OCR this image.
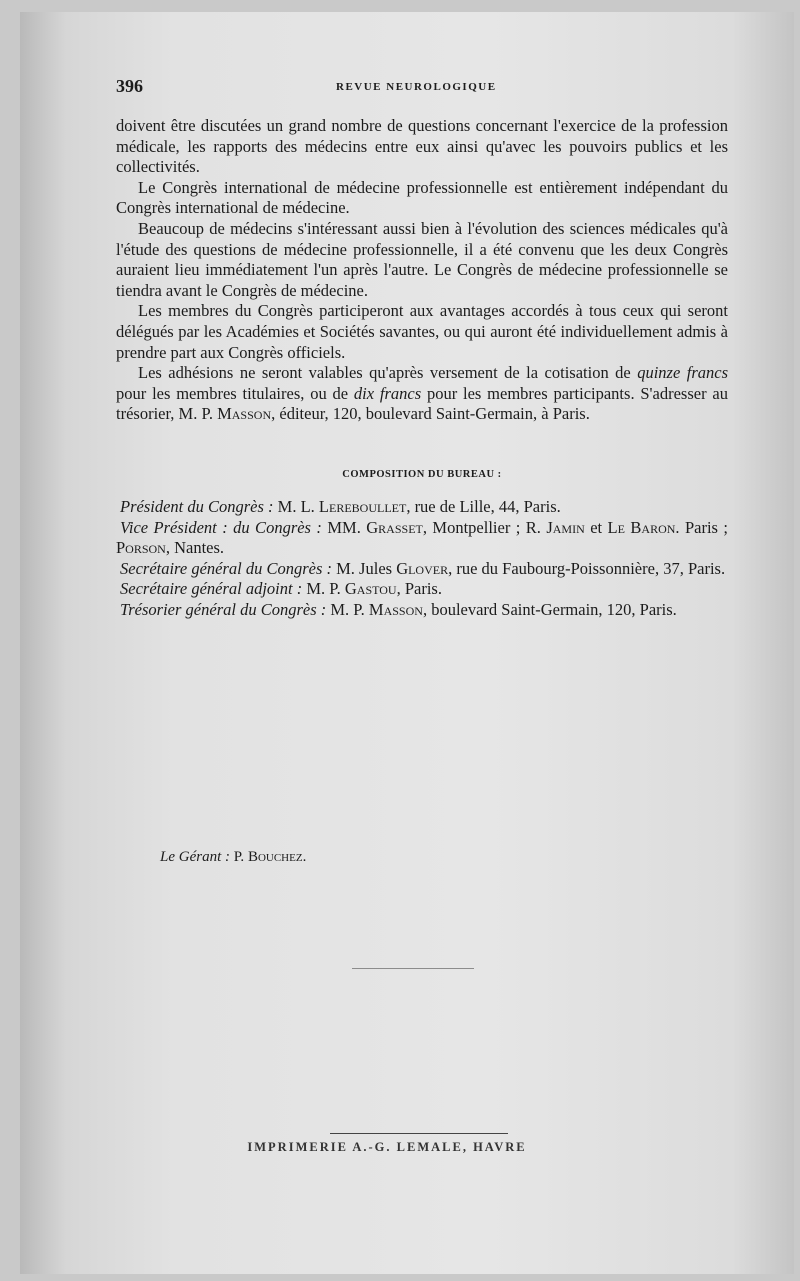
396	REVUE NEUROLOGIQUE

doivent être discutées un grand nombre de questions concernant l'exercice de la profession médicale, les rapports des médecins entre eux ainsi qu'avec les pouvoirs publics et les collectivités.

Le Congrès international de médecine professionnelle est entièrement indépendant du Congrès international de médecine.

Beaucoup de médecins s'intéressant aussi bien à l'évolution des sciences médicales qu'à l'étude des questions de médecine professionnelle, il a été convenu que les deux Congrès auraient lieu immédiatement l'un après l'autre. Le Congrès de médecine professionnelle se tiendra avant le Congrès de médecine.

Les membres du Congrès participeront aux avantages accordés à tous ceux qui seront délégués par les Académies et Sociétés savantes, ou qui auront été individuellement admis à prendre part aux Congrès officiels.

Les adhésions ne seront valables qu'après versement de la cotisation de quinze francs pour les membres titulaires, ou de dix francs pour les membres participants. S'adresser au trésorier, M. P. Masson, éditeur, 120, boulevard Saint-Germain, à Paris.

COMPOSITION DU BUREAU :

Président du Congrès : M. L. Lereboullet, rue de Lille, 44, Paris.

Vice Président : du Congrès : MM. Grasset, Montpellier ; R. Jamin et Le Baron. Paris ; Porson, Nantes.

Secrétaire général du Congrès : M. Jules Glover, rue du Faubourg-Poissonnière, 37, Paris.

Secrétaire général adjoint : M. P. Gastou, Paris.

Trésorier général du Congrès : M. P. Masson, boulevard Saint-Germain, 120, Paris.

Le Gérant : P. Bouchez.
IMPRIMERIE A.-G. LEMALE, HAVRE
